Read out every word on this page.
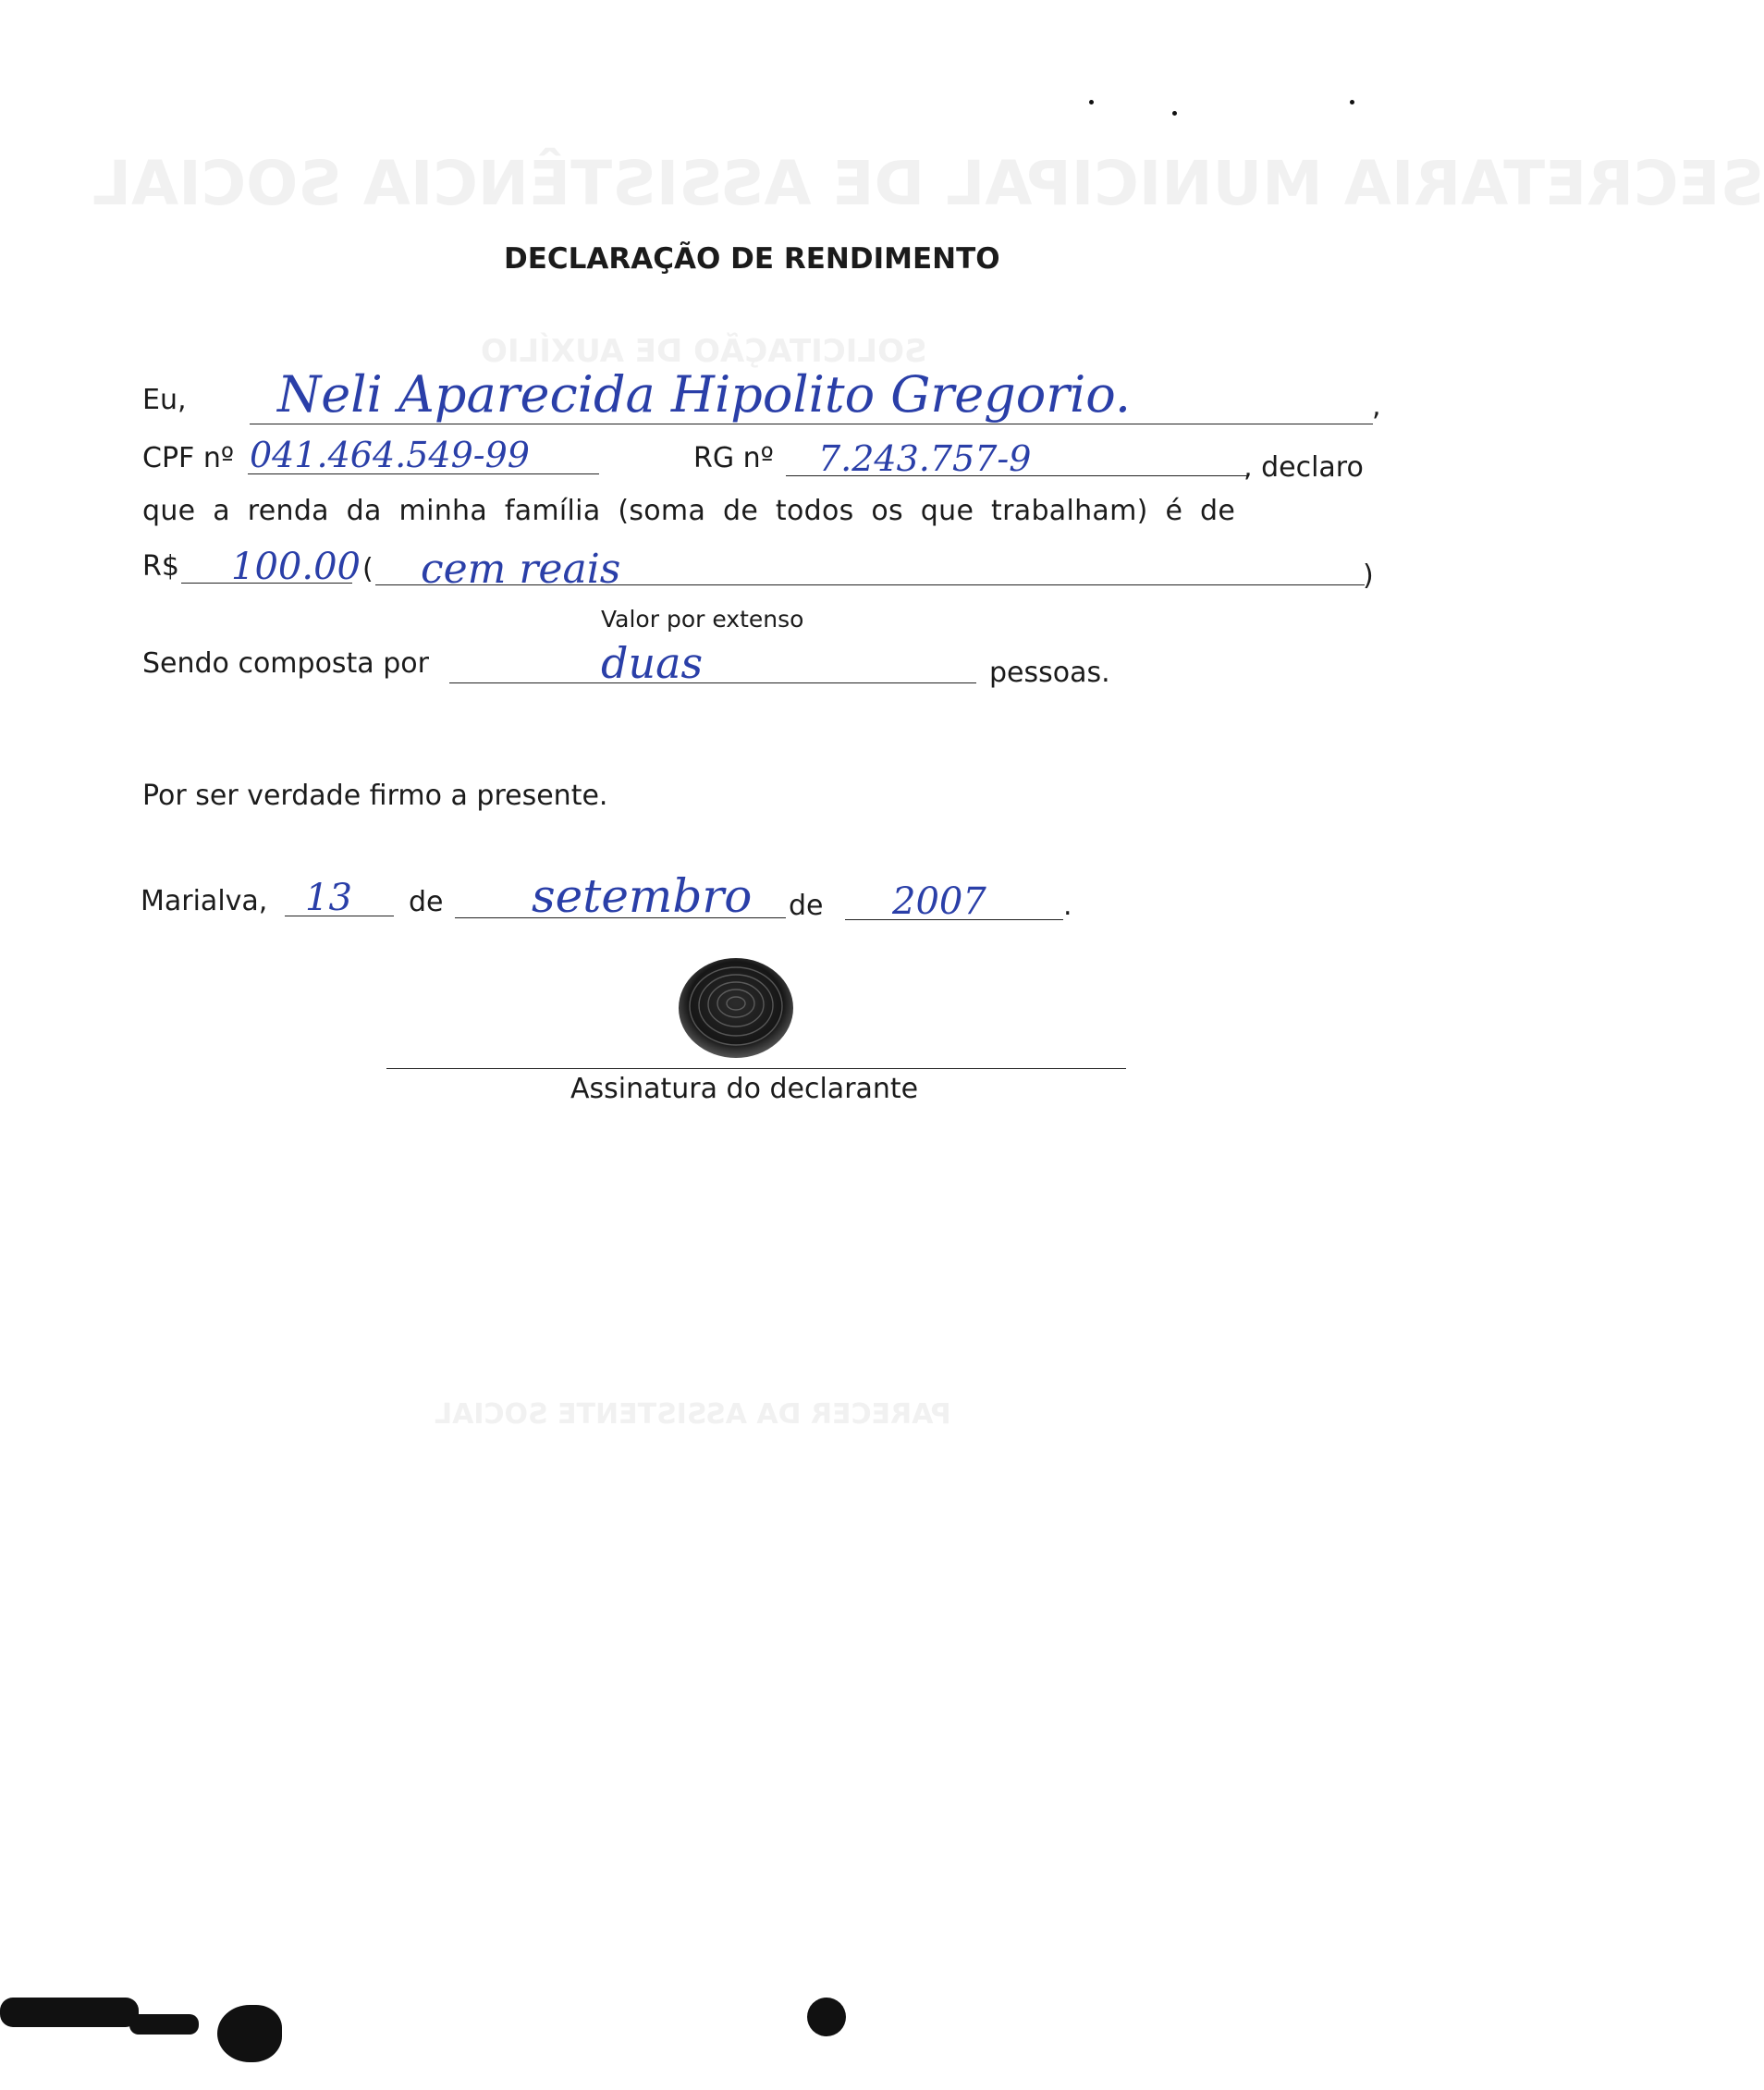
SECRETARIA MUNICIPAL DE ASSISTÊNCIA SOCIAL
SOLICITAÇÃO DE AUXÍLIO
PARECER DA ASSISTENTE SOCIAL
DECLARAÇÃO DE RENDIMENTO
Eu, Neli Aparecida Hipolito Gregorio.	,
CPF nº 041.464.549-99	RG nº 7.243.757-9	, declaro
que a renda da minha família (soma de todos os que trabalham) é de
R$ 100.00 ( cem reais	)
Valor por extenso
Sendo composta por	duas	pessoas.
Por ser verdade firmo a presente.
Marialva, 13 de setembro de 2007	.
Assinatura do declarante
